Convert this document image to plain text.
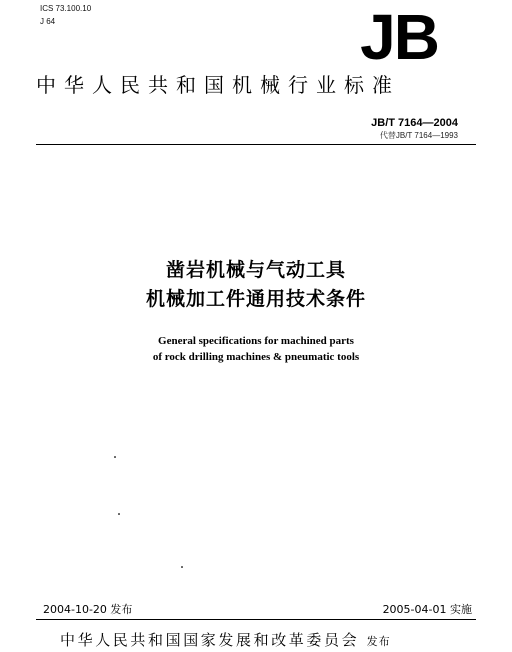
ICS 73.100.10
J 64	JB
中华人民共和国机械行业标准
JB/T 7164—2004
代替JB/T 7164—1993
凿岩机械与气动工具
机械加工件通用技术条件
General specifications for machined parts
of rock drilling machines & pneumatic tools
2004-10-20 发布	2005-04-01 实施
中华人民共和国国家发展和改革委员会 发布
